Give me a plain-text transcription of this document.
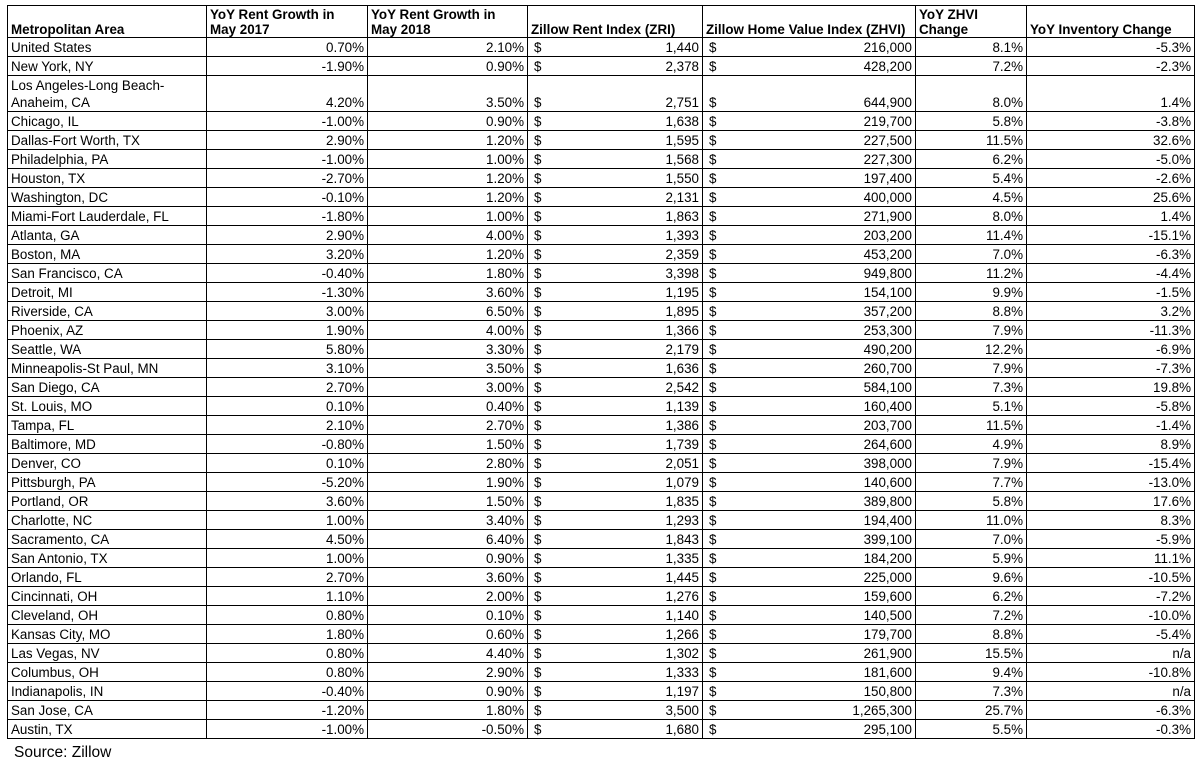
Metropolitan Area	YoY Rent Growth in May 2017	YoY Rent Growth in May 2018	Zillow Rent Index (ZRI)	Zillow Home Value Index (ZHVI)	YoY ZHVI Change	YoY Inventory Change
United States	0.70%	2.10%	$ 1,440	$ 216,000	8.1%	-5.3%
New York, NY	-1.90%	0.90%	$ 2,378	$ 428,200	7.2%	-2.3%
Los Angeles-Long Beach-Anaheim, CA	4.20%	3.50%	$ 2,751	$ 644,900	8.0%	1.4%
Chicago, IL	-1.00%	0.90%	$ 1,638	$ 219,700	5.8%	-3.8%
Dallas-Fort Worth, TX	2.90%	1.20%	$ 1,595	$ 227,500	11.5%	32.6%
Philadelphia, PA	-1.00%	1.00%	$ 1,568	$ 227,300	6.2%	-5.0%
Houston, TX	-2.70%	1.20%	$ 1,550	$ 197,400	5.4%	-2.6%
Washington, DC	-0.10%	1.20%	$ 2,131	$ 400,000	4.5%	25.6%
Miami-Fort Lauderdale, FL	-1.80%	1.00%	$ 1,863	$ 271,900	8.0%	1.4%
Atlanta, GA	2.90%	4.00%	$ 1,393	$ 203,200	11.4%	-15.1%
Boston, MA	3.20%	1.20%	$ 2,359	$ 453,200	7.0%	-6.3%
San Francisco, CA	-0.40%	1.80%	$ 3,398	$ 949,800	11.2%	-4.4%
Detroit, MI	-1.30%	3.60%	$ 1,195	$ 154,100	9.9%	-1.5%
Riverside, CA	3.00%	6.50%	$ 1,895	$ 357,200	8.8%	3.2%
Phoenix, AZ	1.90%	4.00%	$ 1,366	$ 253,300	7.9%	-11.3%
Seattle, WA	5.80%	3.30%	$ 2,179	$ 490,200	12.2%	-6.9%
Minneapolis-St Paul, MN	3.10%	3.50%	$ 1,636	$ 260,700	7.9%	-7.3%
San Diego, CA	2.70%	3.00%	$ 2,542	$ 584,100	7.3%	19.8%
St. Louis, MO	0.10%	0.40%	$ 1,139	$ 160,400	5.1%	-5.8%
Tampa, FL	2.10%	2.70%	$ 1,386	$ 203,700	11.5%	-1.4%
Baltimore, MD	-0.80%	1.50%	$ 1,739	$ 264,600	4.9%	8.9%
Denver, CO	0.10%	2.80%	$ 2,051	$ 398,000	7.9%	-15.4%
Pittsburgh, PA	-5.20%	1.90%	$ 1,079	$ 140,600	7.7%	-13.0%
Portland, OR	3.60%	1.50%	$ 1,835	$ 389,800	5.8%	17.6%
Charlotte, NC	1.00%	3.40%	$ 1,293	$ 194,400	11.0%	8.3%
Sacramento, CA	4.50%	6.40%	$ 1,843	$ 399,100	7.0%	-5.9%
San Antonio, TX	1.00%	0.90%	$ 1,335	$ 184,200	5.9%	11.1%
Orlando, FL	2.70%	3.60%	$ 1,445	$ 225,000	9.6%	-10.5%
Cincinnati, OH	1.10%	2.00%	$ 1,276	$ 159,600	6.2%	-7.2%
Cleveland, OH	0.80%	0.10%	$ 1,140	$ 140,500	7.2%	-10.0%
Kansas City, MO	1.80%	0.60%	$ 1,266	$ 179,700	8.8%	-5.4%
Las Vegas, NV	0.80%	4.40%	$ 1,302	$ 261,900	15.5%	n/a
Columbus, OH	0.80%	2.90%	$ 1,333	$ 181,600	9.4%	-10.8%
Indianapolis, IN	-0.40%	0.90%	$ 1,197	$ 150,800	7.3%	n/a
San Jose, CA	-1.20%	1.80%	$ 3,500	$ 1,265,300	25.7%	-6.3%
Austin, TX	-1.00%	-0.50%	$ 1,680	$ 295,100	5.5%	-0.3%
Source: Zillow
